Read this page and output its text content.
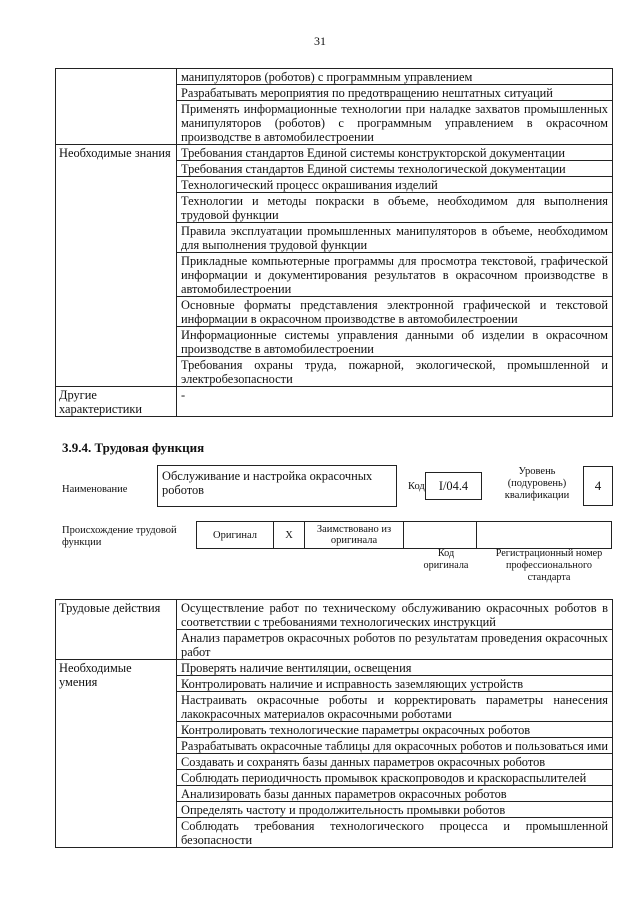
31
	манипуляторов (роботов) с программным управлением
	Разрабатывать мероприятия по предотвращению нештатных ситуаций
	Применять информационные технологии при наладке захватов промышленных манипуляторов (роботов) с программным управлением в окрасочном производстве в автомобилестроении
Необходимые знания	Требования стандартов Единой системы конструкторской документации
	Требования стандартов Единой системы технологической документации
	Технологический процесс окрашивания изделий
	Технологии и методы покраски в объеме, необходимом для выполнения трудовой функции
	Правила эксплуатации промышленных манипуляторов в объеме, необходимом для выполнения трудовой функции
	Прикладные компьютерные программы для просмотра текстовой, графической информации и документирования результатов в окрасочном производстве в автомобилестроении
	Основные форматы представления электронной графической и текстовой информации в окрасочном производстве в автомобилестроении
	Информационные системы управления данными об изделии в окрасочном производстве в автомобилестроении
	Требования охраны труда, пожарной, экологической, промышленной и электробезопасности
Другие характеристики	-
3.9.4. Трудовая функция
Наименование
Обслуживание и настройка окрасочных роботов	Код	I/04.4
Уровень (подуровень) квалификации
4
Происхождение трудовой функции
Оригинал	X	Заимствовано из оригинала		
Код оригинала
Регистрационный номер профессионального стандарта
Трудовые действия	Осуществление работ по техническому обслуживанию окрасочных роботов в соответствии с требованиями технологических инструкций
	Анализ параметров окрасочных роботов по результатам проведения окрасочных работ
Необходимые умения	Проверять наличие вентиляции, освещения
	Контролировать наличие и исправность заземляющих устройств
	Настраивать окрасочные роботы и корректировать параметры нанесения лакокрасочных материалов окрасочными роботами
	Контролировать технологические параметры окрасочных роботов
	Разрабатывать окрасочные таблицы для окрасочных роботов и пользоваться ими
	Создавать и сохранять базы данных параметров окрасочных роботов
	Соблюдать периодичность промывок краскопроводов и краскораспылителей
	Анализировать базы данных параметров окрасочных роботов
	Определять частоту и продолжительность промывки роботов
	Соблюдать требования технологического процесса и промышленной безопасности
